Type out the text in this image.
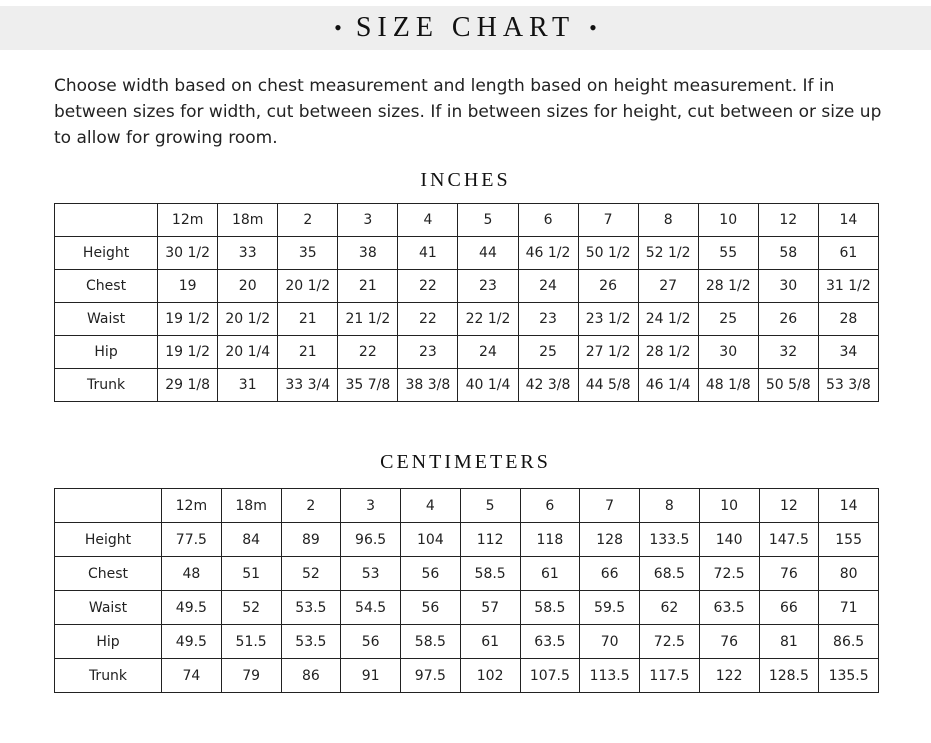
• SIZE CHART •

Choose width based on chest measurement and length based on height measurement. If in between sizes for width, cut between sizes. If in between sizes for height, cut between or size up to allow for growing room.

INCHES
	12m	18m	2	3	4	5	6	7	8	10	12	14
Height	30 1/2	33	35	38	41	44	46 1/2	50 1/2	52 1/2	55	58	61
Chest	19	20	20 1/2	21	22	23	24	26	27	28 1/2	30	31 1/2
Waist	19 1/2	20 1/2	21	21 1/2	22	22 1/2	23	23 1/2	24 1/2	25	26	28
Hip	19 1/2	20 1/4	21	22	23	24	25	27 1/2	28 1/2	30	32	34
Trunk	29 1/8	31	33 3/4	35 7/8	38 3/8	40 1/4	42 3/8	44 5/8	46 1/4	48 1/8	50 5/8	53 3/8
CENTIMETERS
	12m	18m	2	3	4	5	6	7	8	10	12	14
Height	77.5	84	89	96.5	104	112	118	128	133.5	140	147.5	155
Chest	48	51	52	53	56	58.5	61	66	68.5	72.5	76	80
Waist	49.5	52	53.5	54.5	56	57	58.5	59.5	62	63.5	66	71
Hip	49.5	51.5	53.5	56	58.5	61	63.5	70	72.5	76	81	86.5
Trunk	74	79	86	91	97.5	102	107.5	113.5	117.5	122	128.5	135.5
